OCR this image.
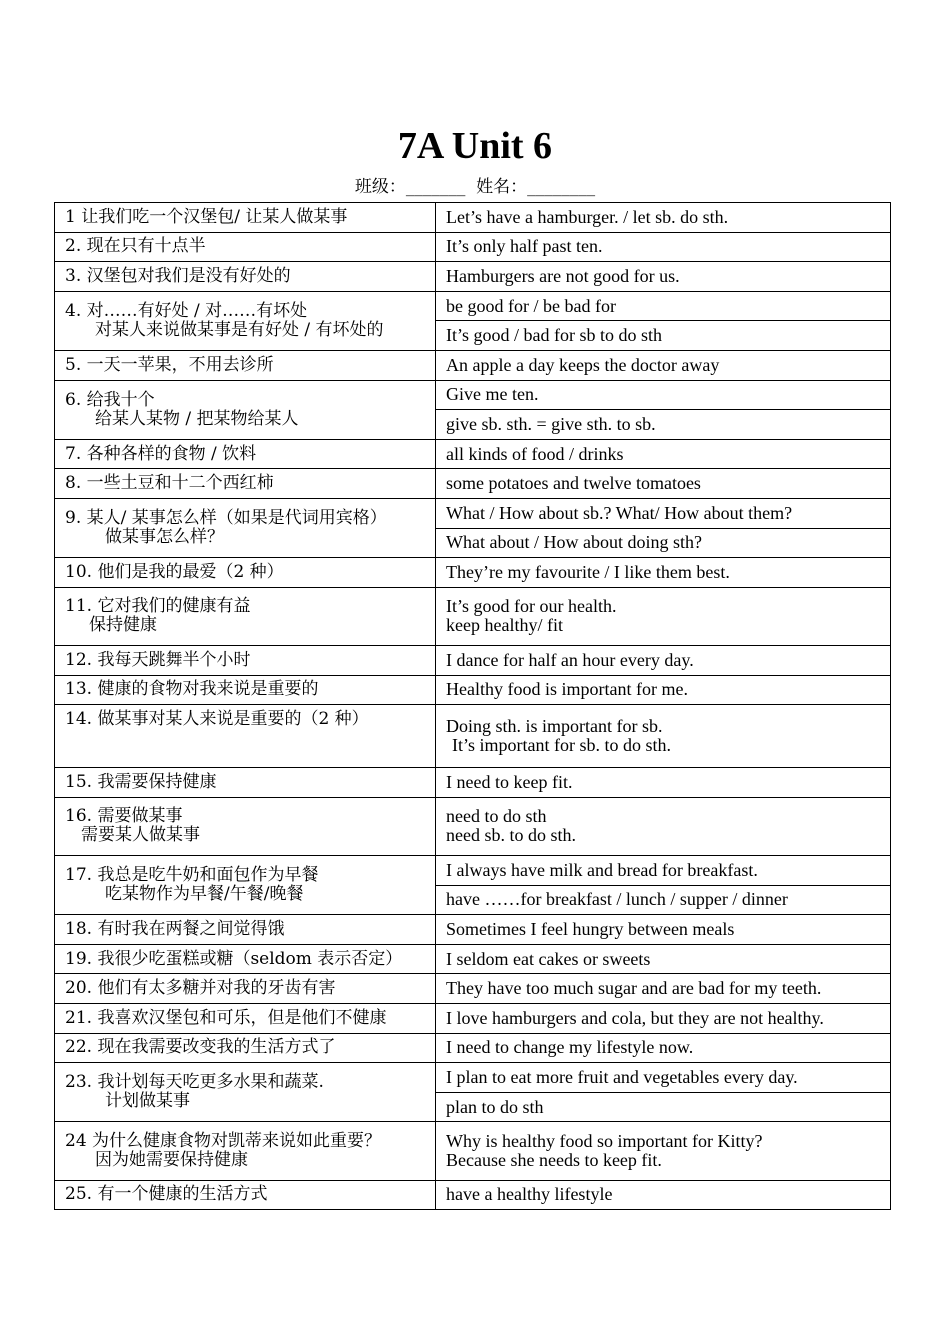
7A Unit 6
班级：_______  姓名：________
1 让我们吃一个汉堡包/ 让某人做某事	Let’s have a hamburger. / let sb. do sth.
2. 现在只有十点半	It’s only half past ten.
3. 汉堡包对我们是没有好处的	Hamburgers are not good for us.

4. 对……有好处 / 对……有坏处
对某人来说做某事是有好处 / 有坏处的	be good for / be bad for
	It’s good / bad for sb to do sth
5. 一天一苹果，不用去诊所	An apple a day keeps the doctor away

6. 给我十个
给某人某物 / 把某物给某人	Give me ten.
	give sb. sth. = give sth. to sb.
7. 各种各样的食物 / 饮料	all kinds of food / drinks
8. 一些土豆和十二个西红柿	some potatoes and twelve tomatoes

9. 某人/ 某事怎么样（如果是代词用宾格）
做某事怎么样？	What / How about sb.? What/ How about them?
	What about / How about doing sth?
10. 他们是我的最爱（2 种）	They’re my favourite / I like them best.

11. 它对我们的健康有益
保持健康	It’s good for our health.
keep healthy/ fit

12. 我每天跳舞半个小时	I dance for half an hour every day.
13. 健康的食物对我来说是重要的	Healthy food is important for me.
14. 做某事对某人来说是重要的（2 种）	Doing sth. is important for sb.
It’s important for sb. to do sth.

15. 我需要保持健康	I need to keep fit.

16. 需要做某事
需要某人做某事	need to do sth
need sb. to do sth.

17. 我总是吃牛奶和面包作为早餐
吃某物作为早餐/午餐/晚餐	I always have milk and bread for breakfast.
	have ……for breakfast / lunch / supper / dinner
18. 有时我在两餐之间觉得饿	Sometimes I feel hungry between meals
19. 我很少吃蛋糕或糖（seldom 表示否定）	I seldom eat cakes or sweets
20. 他们有太多糖并对我的牙齿有害	They have too much sugar and are bad for my teeth.
21. 我喜欢汉堡包和可乐，但是他们不健康	I love hamburgers and cola, but they are not healthy.
22. 现在我需要改变我的生活方式了	I need to change my lifestyle now.

23. 我计划每天吃更多水果和蔬菜.
计划做某事	I plan to eat more fruit and vegetables every day.
	plan to do sth

24 为什么健康食物对凯蒂来说如此重要？
因为她需要保持健康	Why is healthy food so important for Kitty?
Because she needs to keep fit.

25. 有一个健康的生活方式	have a healthy lifestyle
